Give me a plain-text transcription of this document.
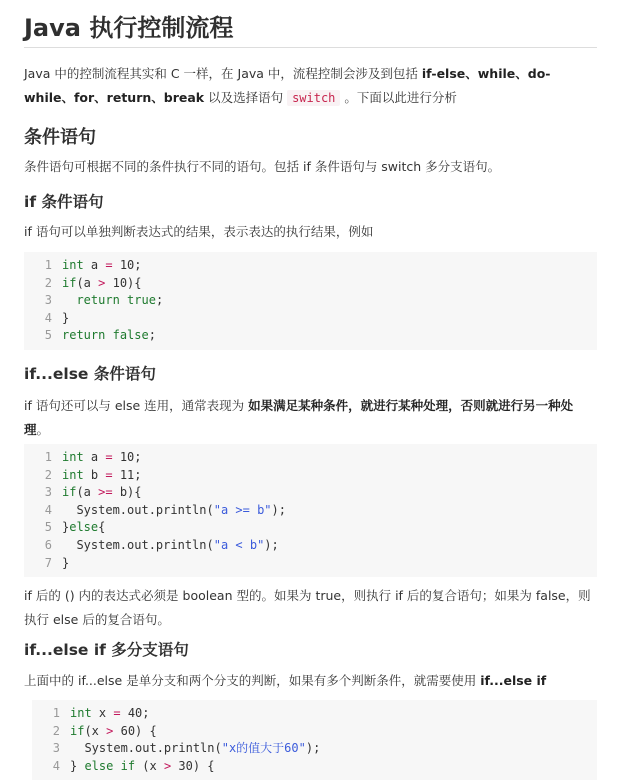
Java 执行控制流程
Java 中的控制流程其实和 C 一样，在 Java 中，流程控制会涉及到包括 if-else、while、do-while、for、return、break 以及选择语句 switch 。下面以此进行分析
条件语句
条件语句可根据不同的条件执行不同的语句。包括 if 条件语句与 switch 多分支语句。
if 条件语句
if 语句可以单独判断表达式的结果，表示表达的执行结果，例如
1 int a = 10;
2 if(a > 10){
3	return true;
4 }
5 return false;
if...else 条件语句
if 语句还可以与 else 连用，通常表现为 如果满足某种条件，就进行某种处理，否则就进行另一种处理。
1 int a = 10;
2 int b = 11;
3 if(a >= b){
4 System.out.println("a >= b");
5 }else{
6 System.out.println("a < b");
7 }
if 后的 () 内的表达式必须是 boolean 型的。如果为 true，则执行 if 后的复合语句；如果为 false，则执行 else 后的复合语句。
if...else if 多分支语句
上面中的 if...else 是单分支和两个分支的判断，如果有多个判断条件，就需要使用 if...else if
1 int x = 40;
2 if(x > 60) {
3 System.out.println("x的值大于60");
4 } else if (x > 30) {
